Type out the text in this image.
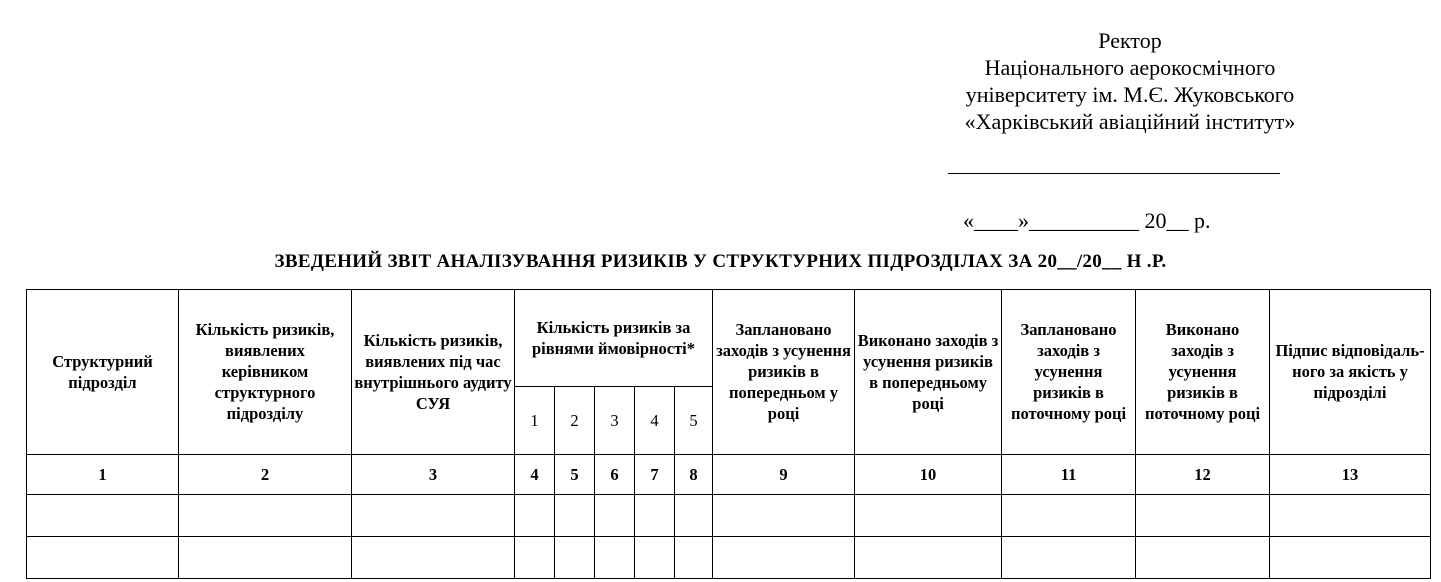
Ректор
Національного аерокосмічного
університету ім. М.Є. Жуковського
«Харківський авіаційний інститут»
«____»__________ 20__ р.
ЗВЕДЕНИЙ ЗВІТ АНАЛІЗУВАННЯ РИЗИКІВ У СТРУКТУРНИХ ПІДРОЗДІЛАХ ЗА 20__/20__ Н .Р.
Структурний підрозділ	Кількість ризиків, виявлених керівником структурного підрозділу	Кількість ризиків, виявлених під час внутрішнього аудиту СУЯ	Кількість ризиків за рівнями ймовірності*					Заплановано заходів з усунення ризиків в попередньом у році	Виконано заходів з усунення ризиків в попередньому році	Заплановано заходів з усунення ризиків в поточному році	Виконано заходів з усунення ризиків в поточному році	Підпис відповідаль-ного за якість у підрозділі
			1	2	3	4	5					
1	2	3	4	5	6	7	8	9	10	11	12	13
